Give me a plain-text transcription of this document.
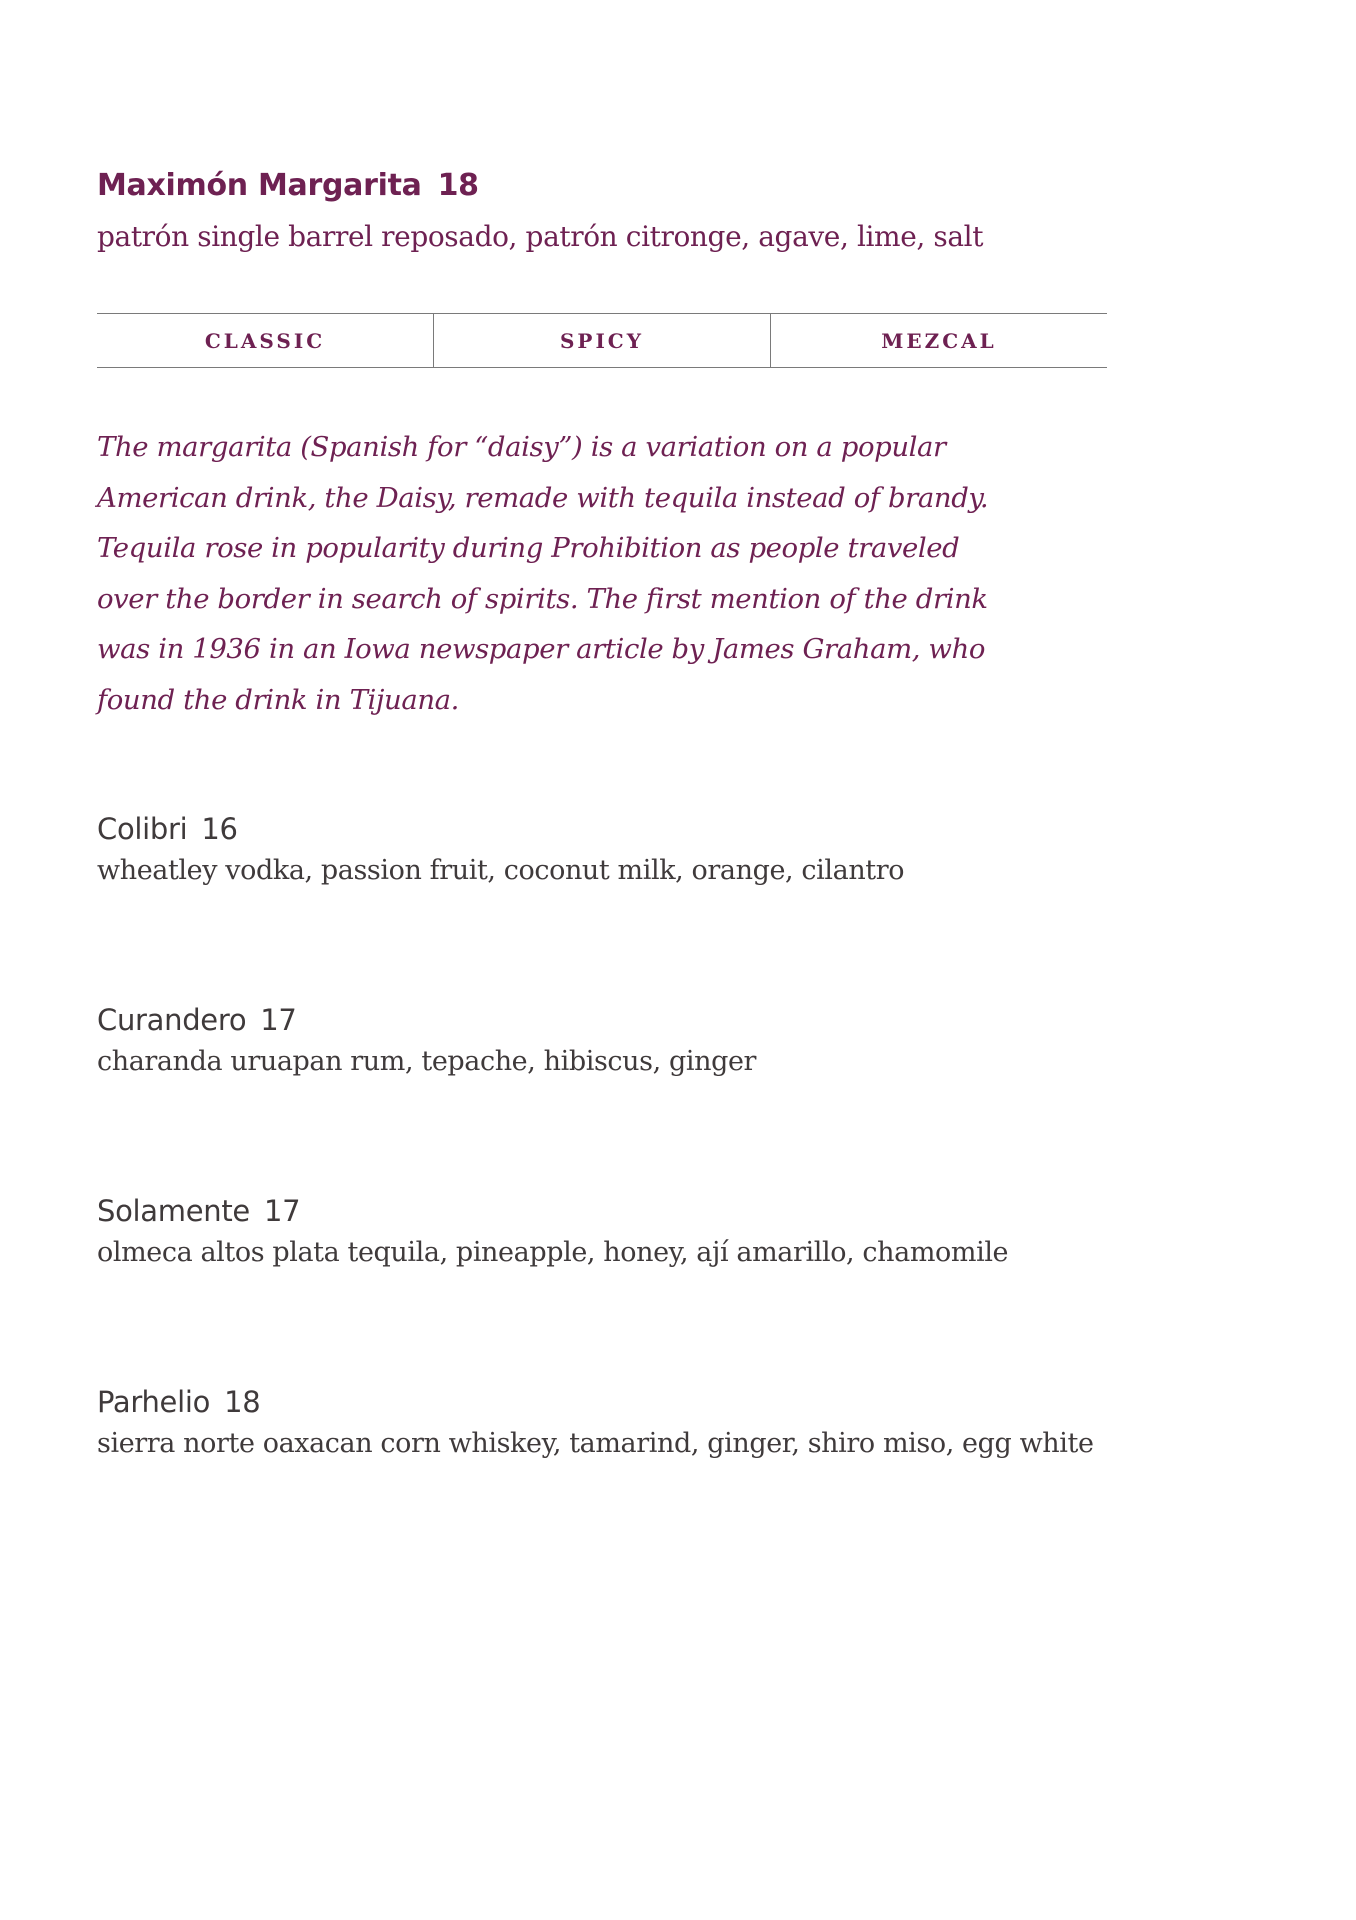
Maximón Margarita 18
patrón single barrel reposado, patrón citronge, agave, lime, salt
CLASSIC	SPICY	MEZCAL
The margarita (Spanish for “daisy”) is a variation on a popular
American drink, the Daisy, remade with tequila instead of brandy.
Tequila rose in popularity during Prohibition as people traveled
over the border in search of spirits. The first mention of the drink
was in 1936 in an Iowa newspaper article by James Graham, who
found the drink in Tijuana.
Colibri 16
wheatley vodka, passion fruit, coconut milk, orange, cilantro
Curandero 17
charanda uruapan rum, tepache, hibiscus, ginger
Solamente 17
olmeca altos plata tequila, pineapple, honey, ají amarillo, chamomile
Parhelio 18
sierra norte oaxacan corn whiskey, tamarind, ginger, shiro miso, egg white
